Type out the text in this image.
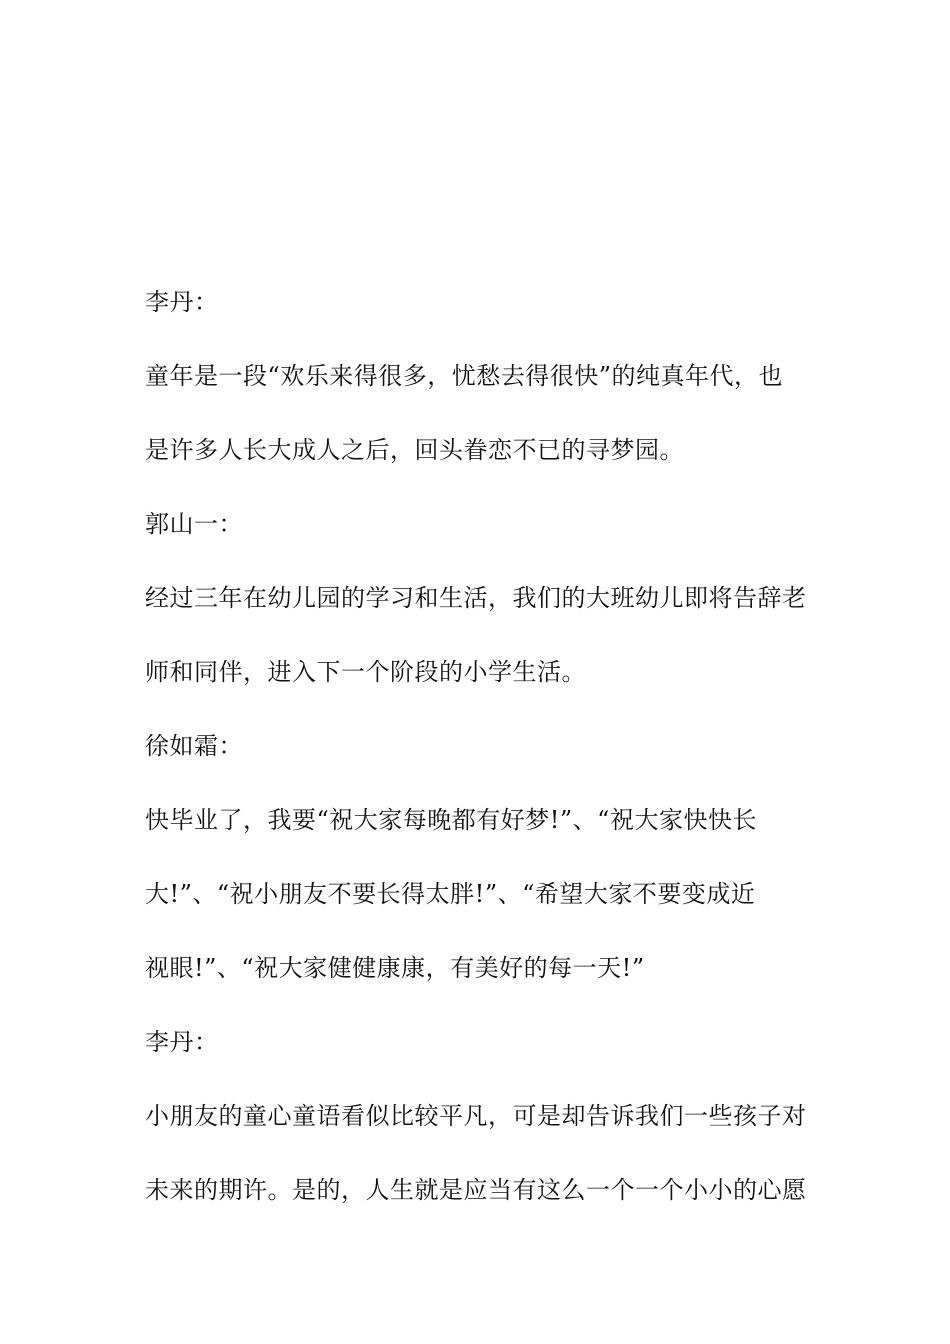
李丹：
童年是一段“欢乐来得很多，忧愁去得很快”的纯真年代，也
是许多人长大成人之后，回头眷恋不已的寻梦园。
郭山一：
经过三年在幼儿园的学习和生活，我们的大班幼儿即将告辞老
师和同伴，进入下一个阶段的小学生活。
徐如霜：
快毕业了，我要“祝大家每晚都有好梦!”、“祝大家快快长
大!”、“祝小朋友不要长得太胖!”、“希望大家不要变成近
视眼!”、“祝大家健健康康，有美好的每一天!”
李丹：
小朋友的童心童语看似比较平凡，可是却告诉我们一些孩子对
未来的期许。是的，人生就是应当有这么一个一个小小的心愿
